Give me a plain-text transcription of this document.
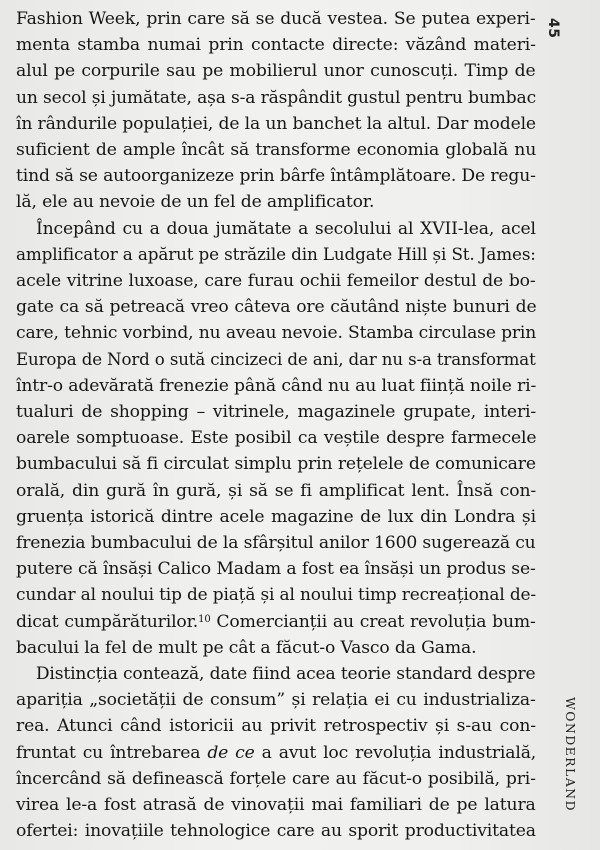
45
WONDERLAND
Fashion Week, prin care să se ducă vestea. Se putea experi-
menta stamba numai prin contacte directe: văzând materi-
alul pe corpurile sau pe mobilierul unor cunoscuți. Timp de
un secol și jumătate, așa s-a răspândit gustul pentru bumbac
în rândurile populației, de la un banchet la altul. Dar modele
suficient de ample încât să transforme economia globală nu
tind să se autoorganizeze prin bârfe întâmplătoare. De regu-
lă, ele au nevoie de un fel de amplificator.
Începând cu a doua jumătate a secolului al XVII-lea, acel
amplificator a apărut pe străzile din Ludgate Hill și St. James:
acele vitrine luxoase, care furau ochii femeilor destul de bo-
gate ca să petreacă vreo câteva ore căutând niște bunuri de
care, tehnic vorbind, nu aveau nevoie. Stamba circulase prin
Europa de Nord o sută cincizeci de ani, dar nu s-a transformat
într-o adevărată frenezie până când nu au luat ființă noile ri-
tualuri de shopping – vitrinele, magazinele grupate, interi-
oarele somptuoase. Este posibil ca veștile despre farmecele
bumbacului să fi circulat simplu prin rețelele de comunicare
orală, din gură în gură, și să se fi amplificat lent. Însă con-
gruența istorică dintre acele magazine de lux din Londra și
frenezia bumbacului de la sfârșitul anilor 1600 sugerează cu
putere că însăși Calico Madam a fost ea însăși un produs se-
cundar al noului tip de piață și al noului timp recreațional de-
dicat cumpărăturilor.$^{10}$ Comercianții au creat revoluția bum-
bacului la fel de mult pe cât a făcut-o Vasco da Gama.
Distincția contează, date fiind acea teorie standard despre
apariția „societății de consum” și relația ei cu industrializa-
rea. Atunci când istoricii au privit retrospectiv și s-au con-
fruntat cu întrebarea de ce a avut loc revoluția industrială,
încercând să definească forțele care au făcut-o posibilă, pri-
virea le-a fost atrasă de vinovații mai familiari de pe latura
ofertei: inovațiile tehnologice care au sporit productivitatea
